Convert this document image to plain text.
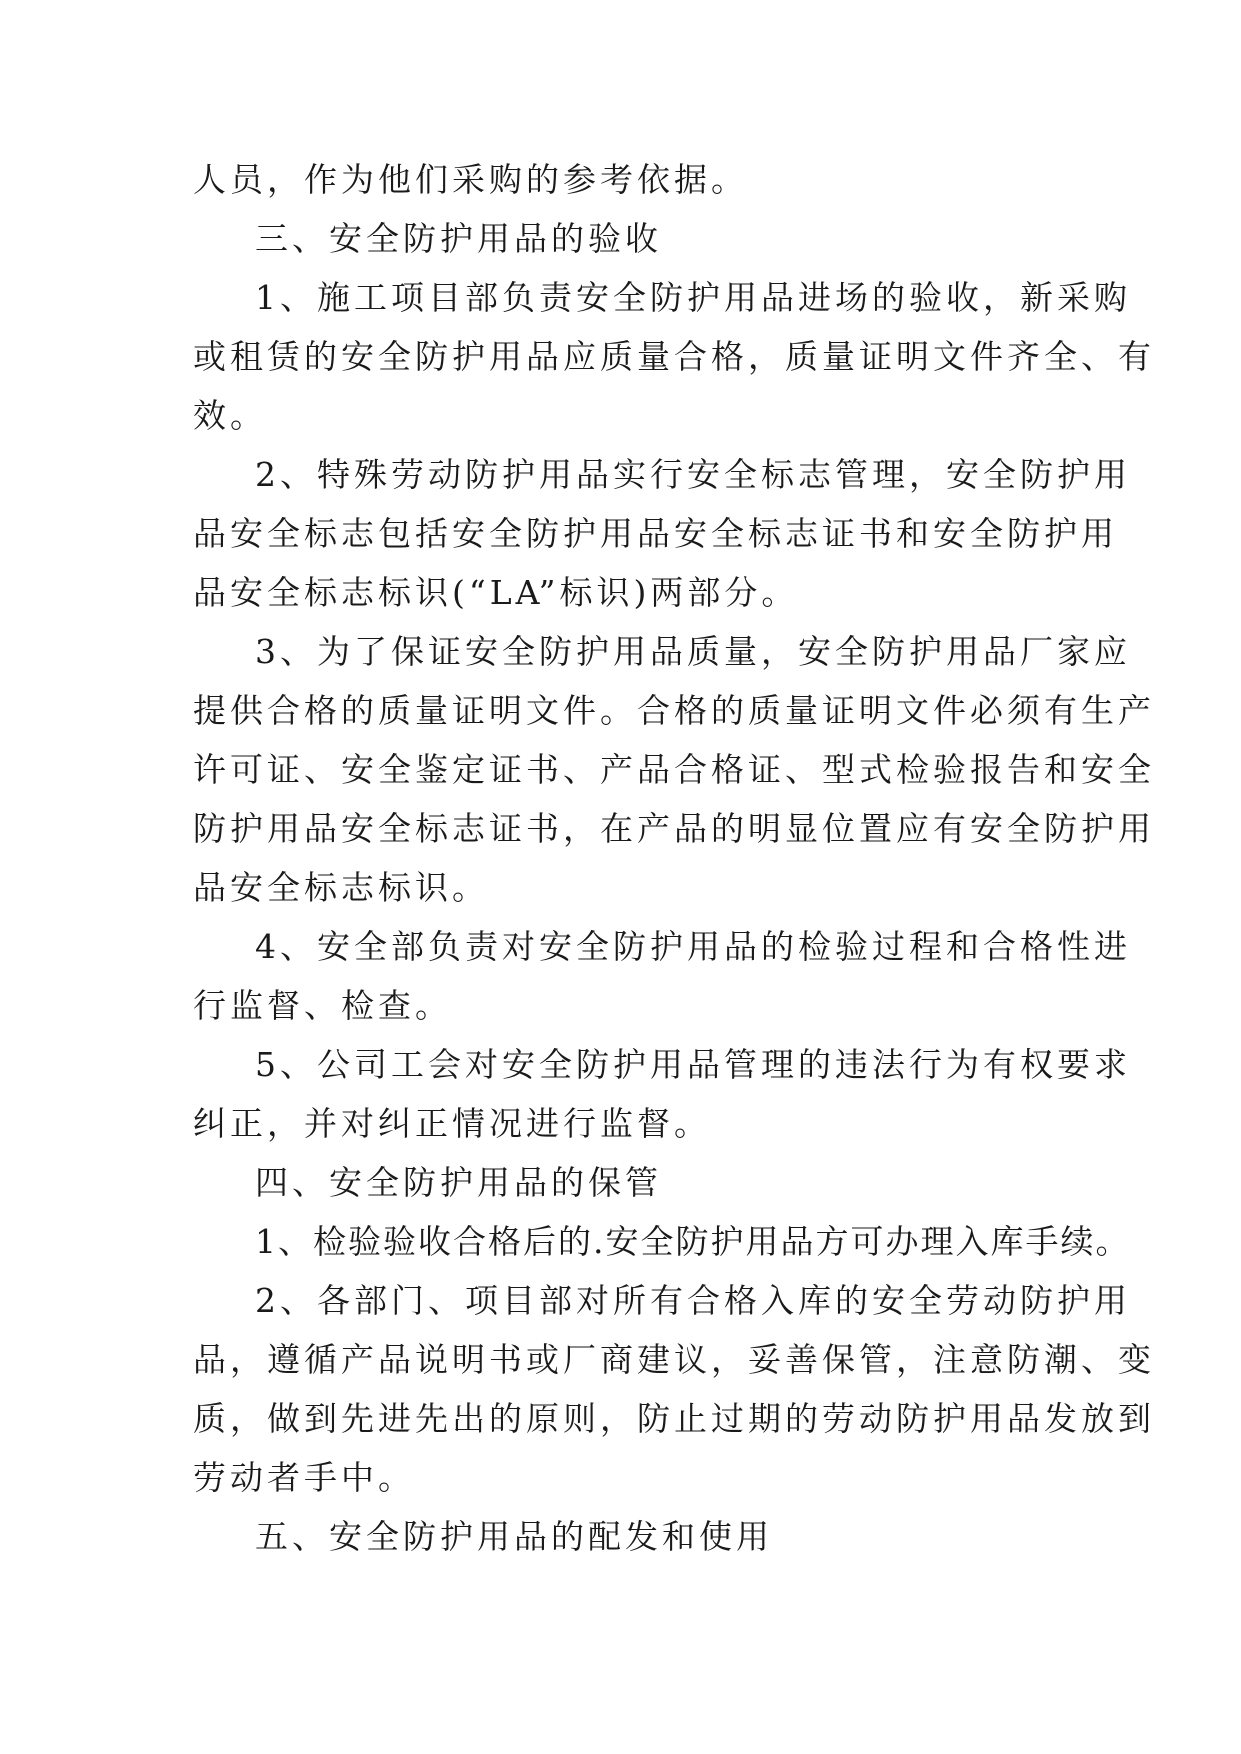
人员，作为他们采购的参考依据。
三、安全防护用品的验收
1、施工项目部负责安全防护用品进场的验收，新采购
或租赁的安全防护用品应质量合格，质量证明文件齐全、有
效。
2、特殊劳动防护用品实行安全标志管理，安全防护用
品安全标志包括安全防护用品安全标志证书和安全防护用
品安全标志标识(“LA”标识)两部分。
3、为了保证安全防护用品质量，安全防护用品厂家应
提供合格的质量证明文件。合格的质量证明文件必须有生产
许可证、安全鉴定证书、产品合格证、型式检验报告和安全
防护用品安全标志证书，在产品的明显位置应有安全防护用
品安全标志标识。
4、安全部负责对安全防护用品的检验过程和合格性进
行监督、检查。
5、公司工会对安全防护用品管理的违法行为有权要求
纠正，并对纠正情况进行监督。
四、安全防护用品的保管
1、检验验收合格后的.安全防护用品方可办理入库手续。
2、各部门、项目部对所有合格入库的安全劳动防护用
品，遵循产品说明书或厂商建议，妥善保管，注意防潮、变
质，做到先进先出的原则，防止过期的劳动防护用品发放到
劳动者手中。
五、安全防护用品的配发和使用
